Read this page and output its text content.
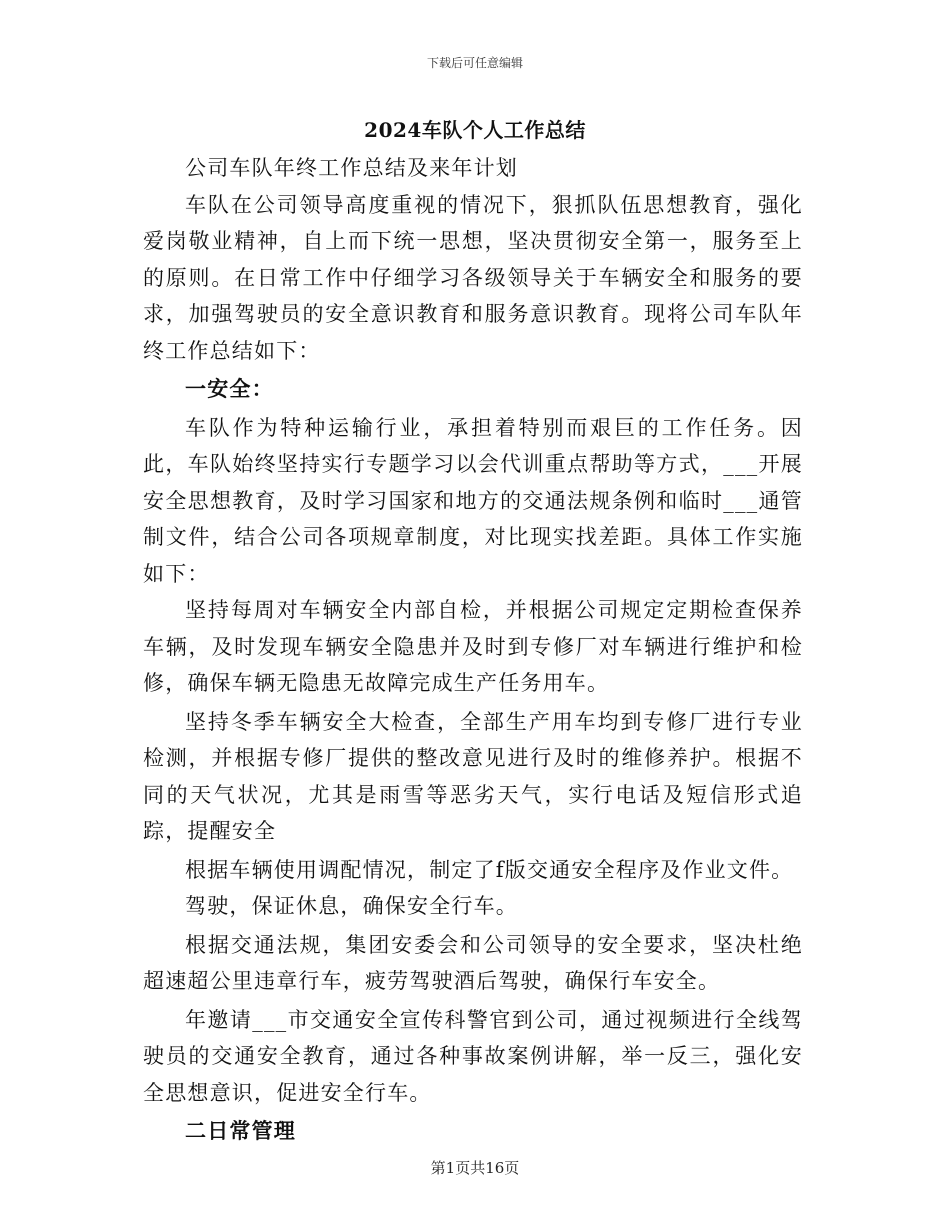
下载后可任意编辑
2024车队个人工作总结

公司车队年终工作总结及来年计划

车队在公司领导高度重视的情况下，狠抓队伍思想教育，强化爱岗敬业精神，自上而下统一思想，坚决贯彻安全第一，服务至上的原则。在日常工作中仔细学习各级领导关于车辆安全和服务的要求，加强驾驶员的安全意识教育和服务意识教育。现将公司车队年终工作总结如下：

一安全：

车队作为特种运输行业，承担着特别而艰巨的工作任务。因此，车队始终坚持实行专题学习以会代训重点帮助等方式，___开展安全思想教育，及时学习国家和地方的交通法规条例和临时___通管制文件，结合公司各项规章制度，对比现实找差距。具体工作实施如下：

坚持每周对车辆安全内部自检，并根据公司规定定期检查保养车辆，及时发现车辆安全隐患并及时到专修厂对车辆进行维护和检修，确保车辆无隐患无故障完成生产任务用车。

坚持冬季车辆安全大检查，全部生产用车均到专修厂进行专业检测，并根据专修厂提供的整改意见进行及时的维修养护。根据不同的天气状况，尤其是雨雪等恶劣天气，实行电话及短信形式追踪，提醒安全

根据车辆使用调配情况，制定了f版交通安全程序及作业文件。

驾驶，保证休息，确保安全行车。

根据交通法规，集团安委会和公司领导的安全要求，坚决杜绝超速超公里违章行车，疲劳驾驶酒后驾驶，确保行车安全。

年邀请___市交通安全宣传科警官到公司，通过视频进行全线驾驶员的交通安全教育，通过各种事故案例讲解，举一反三，强化安全思想意识，促进安全行车。

二日常管理

第1页共16页
